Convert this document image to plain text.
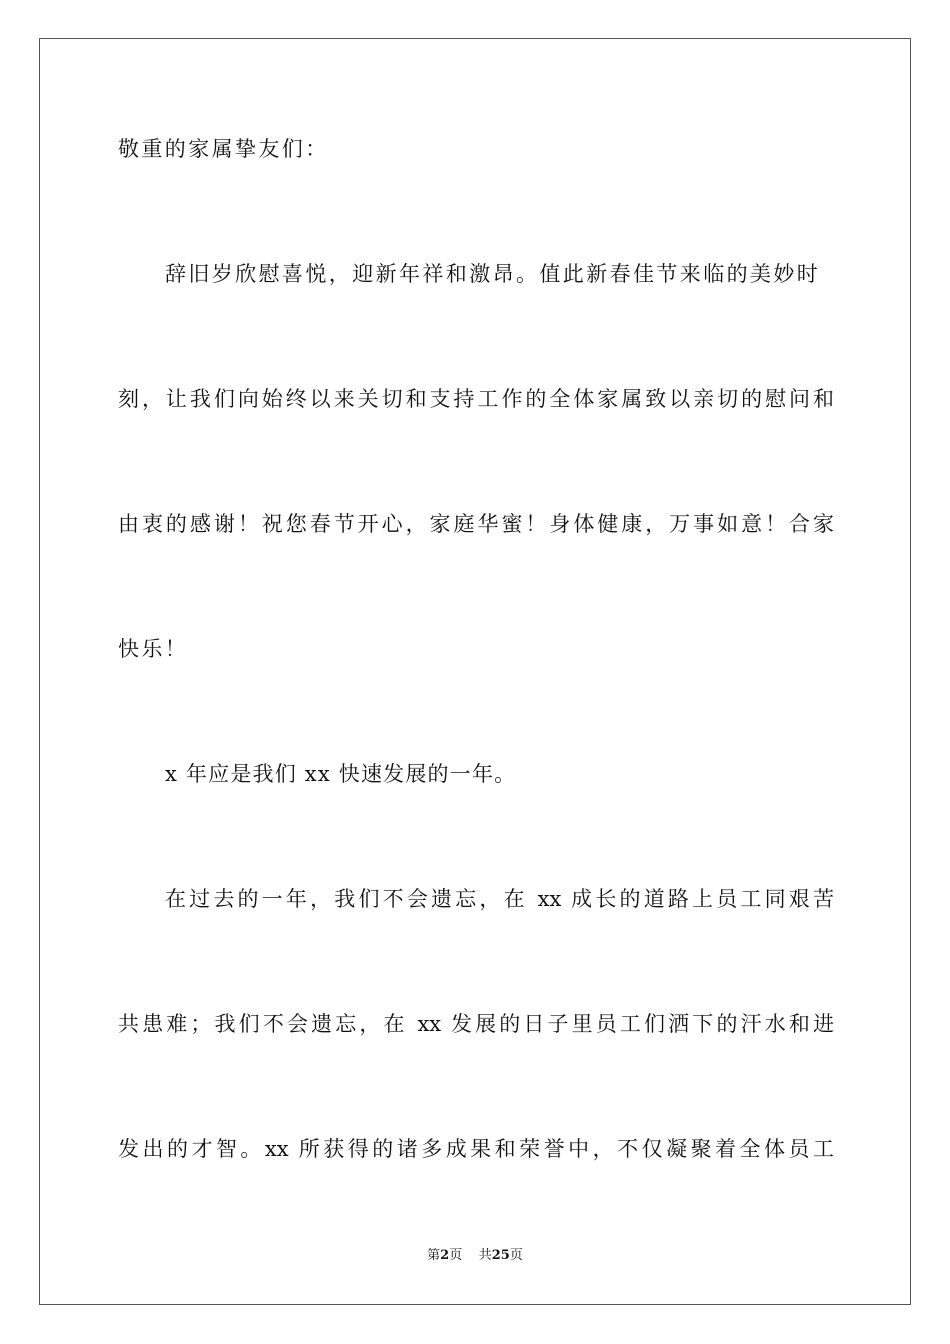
敬重的家属挚友们：
辞旧岁欣慰喜悦，迎新年祥和激昂。值此新春佳节来临的美妙时
刻，让我们向始终以来关切和支持工作的全体家属致以亲切的慰问和
由衷的感谢！祝您春节开心，家庭华蜜！身体健康，万事如意！合家
快乐！
x 年应是我们 xx 快速发展的一年。
在过去的一年，我们不会遗忘，在 xx 成长的道路上员工同艰苦
共患难；我们不会遗忘，在 xx 发展的日子里员工们洒下的汗水和进
发出的才智。xx 所获得的诸多成果和荣誉中，不仅凝聚着全体员工
第2页 共25页
